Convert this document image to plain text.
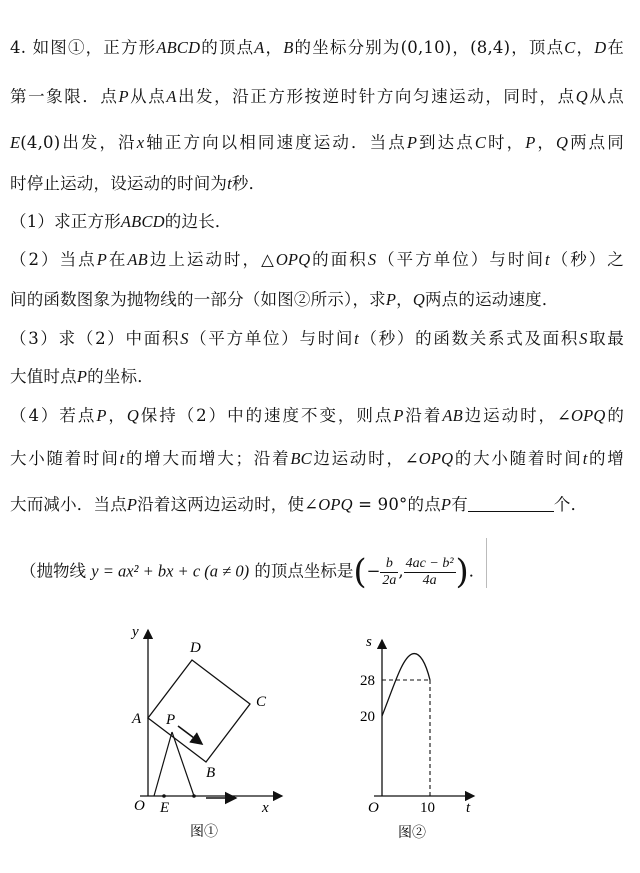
4. 如图①，正方形ABCD的顶点A，B的坐标分别为(0,10)，(8,4)，顶点C，D在
第一象限．点P从点A出发，沿正方形按逆时针方向匀速运动，同时，点Q从点
E(4,0)出发，沿x轴正方向以相同速度运动．当点P到达点C时，P，Q两点同
时停止运动，设运动的时间为t秒．
（1）求正方形ABCD的边长．
（2）当点P在AB边上运动时，△OPQ的面积S（平方单位）与时间t（秒）之
间的函数图象为抛物线的一部分（如图②所示），求P，Q两点的运动速度．
（3）求（2）中面积S（平方单位）与时间t（秒）的函数关系式及面积S取最
大值时点P的坐标．
（4）若点P，Q保持（2）中的速度不变，则点P沿着AB边运动时，∠OPQ的
大小随着时间t的增大而增大；沿着BC边运动时，∠OPQ的大小随着时间t的增
大而减小．当点P沿着这两边运动时，使∠OPQ = 90°的点P有	个．
（抛物线 y = ax² + bx + c (a ≠ 0) 的顶点坐标是(− $\frac{b}{2a}$ , $\frac{\text{4ac − b²}}{4a}$ )．
y
O E	x
A
B
C
D
P
图①
s
O	t
28
20
10
图②
